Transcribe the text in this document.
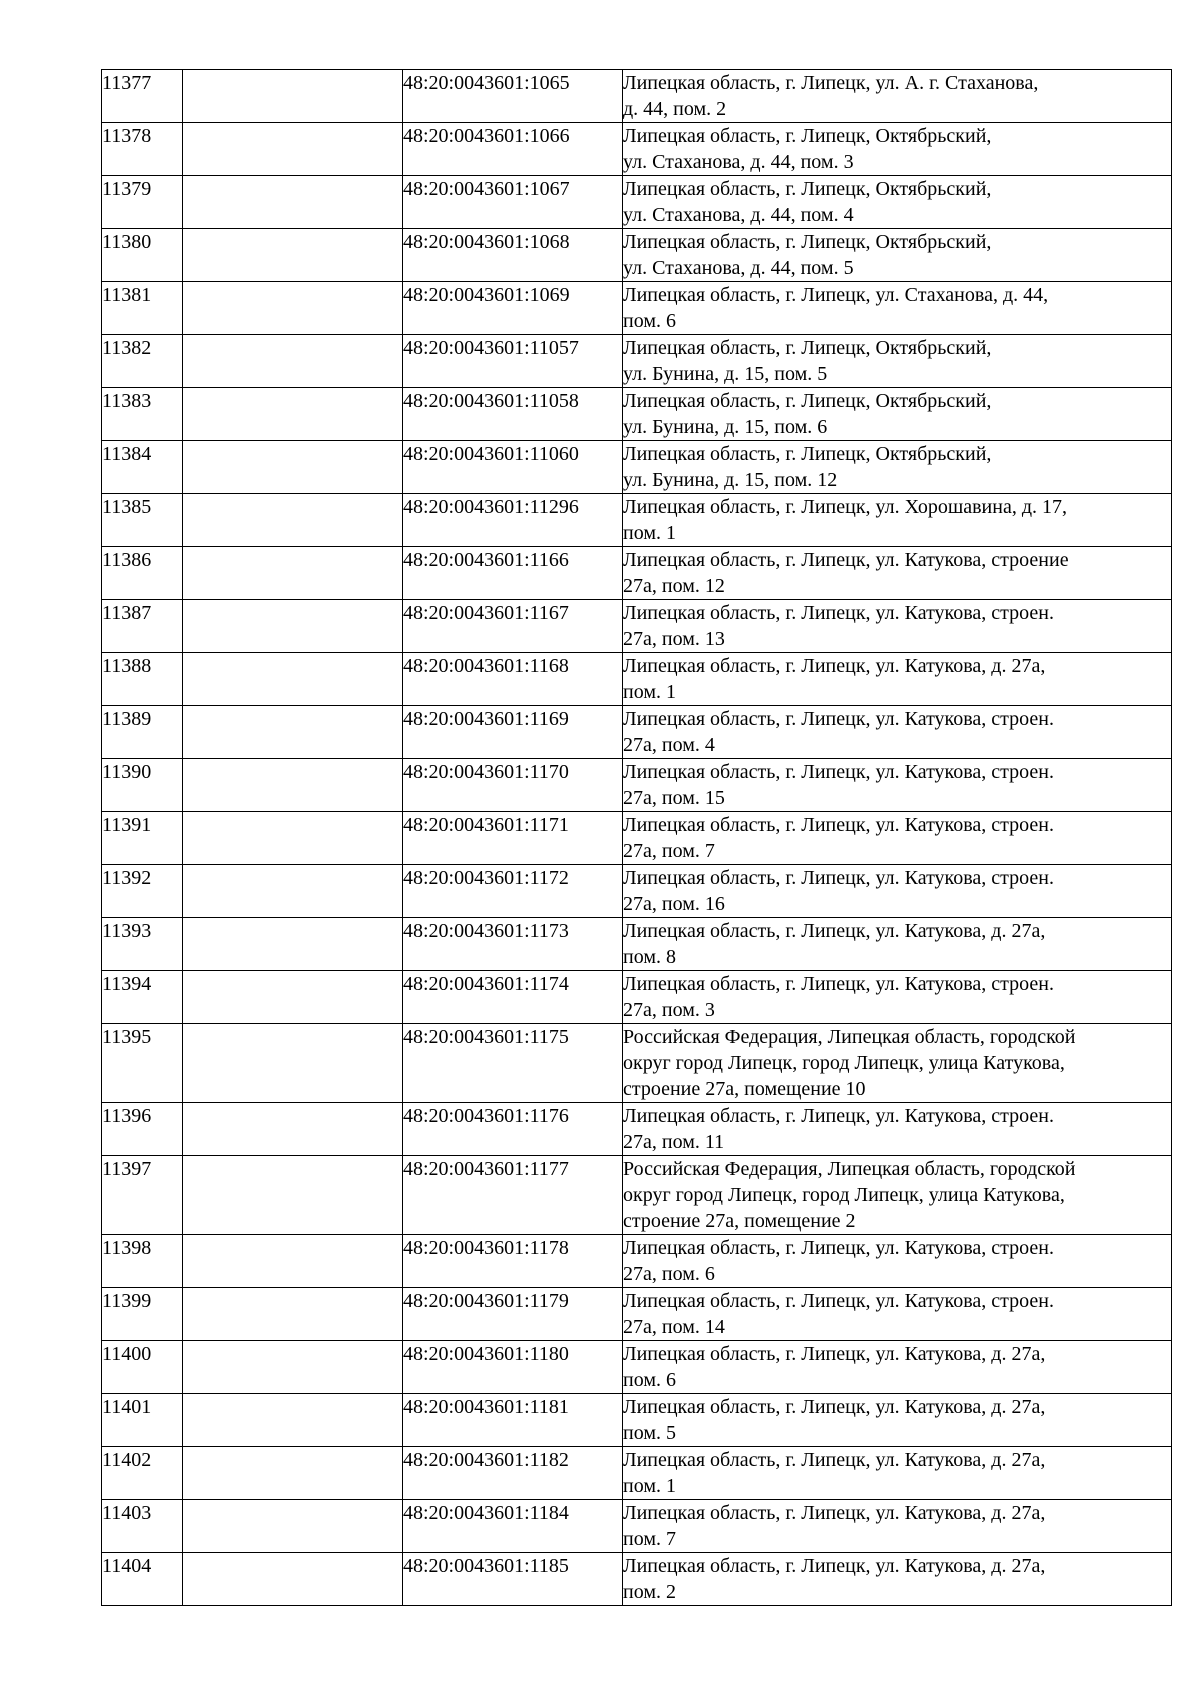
11377		48:20:0043601:1065	Липецкая область, г. Липецк, ул. А. г. Стаханова,
д. 44, пом. 2

11378		48:20:0043601:1066	Липецкая область, г. Липецк, Октябрьский,
ул. Стаханова, д. 44, пом. 3

11379		48:20:0043601:1067	Липецкая область, г. Липецк, Октябрьский,
ул. Стаханова, д. 44, пом. 4

11380		48:20:0043601:1068	Липецкая область, г. Липецк, Октябрьский,
ул. Стаханова, д. 44, пом. 5

11381		48:20:0043601:1069	Липецкая область, г. Липецк, ул. Стаханова, д. 44,
пом. 6

11382		48:20:0043601:11057	Липецкая область, г. Липецк, Октябрьский,
ул. Бунина, д. 15, пом. 5

11383		48:20:0043601:11058	Липецкая область, г. Липецк, Октябрьский,
ул. Бунина, д. 15, пом. 6

11384		48:20:0043601:11060	Липецкая область, г. Липецк, Октябрьский,
ул. Бунина, д. 15, пом. 12

11385		48:20:0043601:11296	Липецкая область, г. Липецк, ул. Хорошавина, д. 17,
пом. 1

11386		48:20:0043601:1166	Липецкая область, г. Липецк, ул. Катукова, строение
27а, пом. 12

11387		48:20:0043601:1167	Липецкая область, г. Липецк, ул. Катукова, строен.
27а, пом. 13

11388		48:20:0043601:1168	Липецкая область, г. Липецк, ул. Катукова, д. 27а,
пом. 1

11389		48:20:0043601:1169	Липецкая область, г. Липецк, ул. Катукова, строен.
27а, пом. 4

11390		48:20:0043601:1170	Липецкая область, г. Липецк, ул. Катукова, строен.
27а, пом. 15

11391		48:20:0043601:1171	Липецкая область, г. Липецк, ул. Катукова, строен.
27а, пом. 7

11392		48:20:0043601:1172	Липецкая область, г. Липецк, ул. Катукова, строен.
27а, пом. 16

11393		48:20:0043601:1173	Липецкая область, г. Липецк, ул. Катукова, д. 27а,
пом. 8

11394		48:20:0043601:1174	Липецкая область, г. Липецк, ул. Катукова, строен.
27а, пом. 3

11395		48:20:0043601:1175	Российская Федерация, Липецкая область, городской
округ город Липецк, город Липецк, улица Катукова,
строение 27а, помещение 10

11396		48:20:0043601:1176	Липецкая область, г. Липецк, ул. Катукова, строен.
27а, пом. 11

11397		48:20:0043601:1177	Российская Федерация, Липецкая область, городской
округ город Липецк, город Липецк, улица Катукова,
строение 27а, помещение 2

11398		48:20:0043601:1178	Липецкая область, г. Липецк, ул. Катукова, строен.
27а, пом. 6

11399		48:20:0043601:1179	Липецкая область, г. Липецк, ул. Катукова, строен.
27а, пом. 14

11400		48:20:0043601:1180	Липецкая область, г. Липецк, ул. Катукова, д. 27а,
пом. 6

11401		48:20:0043601:1181	Липецкая область, г. Липецк, ул. Катукова, д. 27а,
пом. 5

11402		48:20:0043601:1182	Липецкая область, г. Липецк, ул. Катукова, д. 27а,
пом. 1

11403		48:20:0043601:1184	Липецкая область, г. Липецк, ул. Катукова, д. 27а,
пом. 7

11404		48:20:0043601:1185	Липецкая область, г. Липецк, ул. Катукова, д. 27а,
пом. 2
